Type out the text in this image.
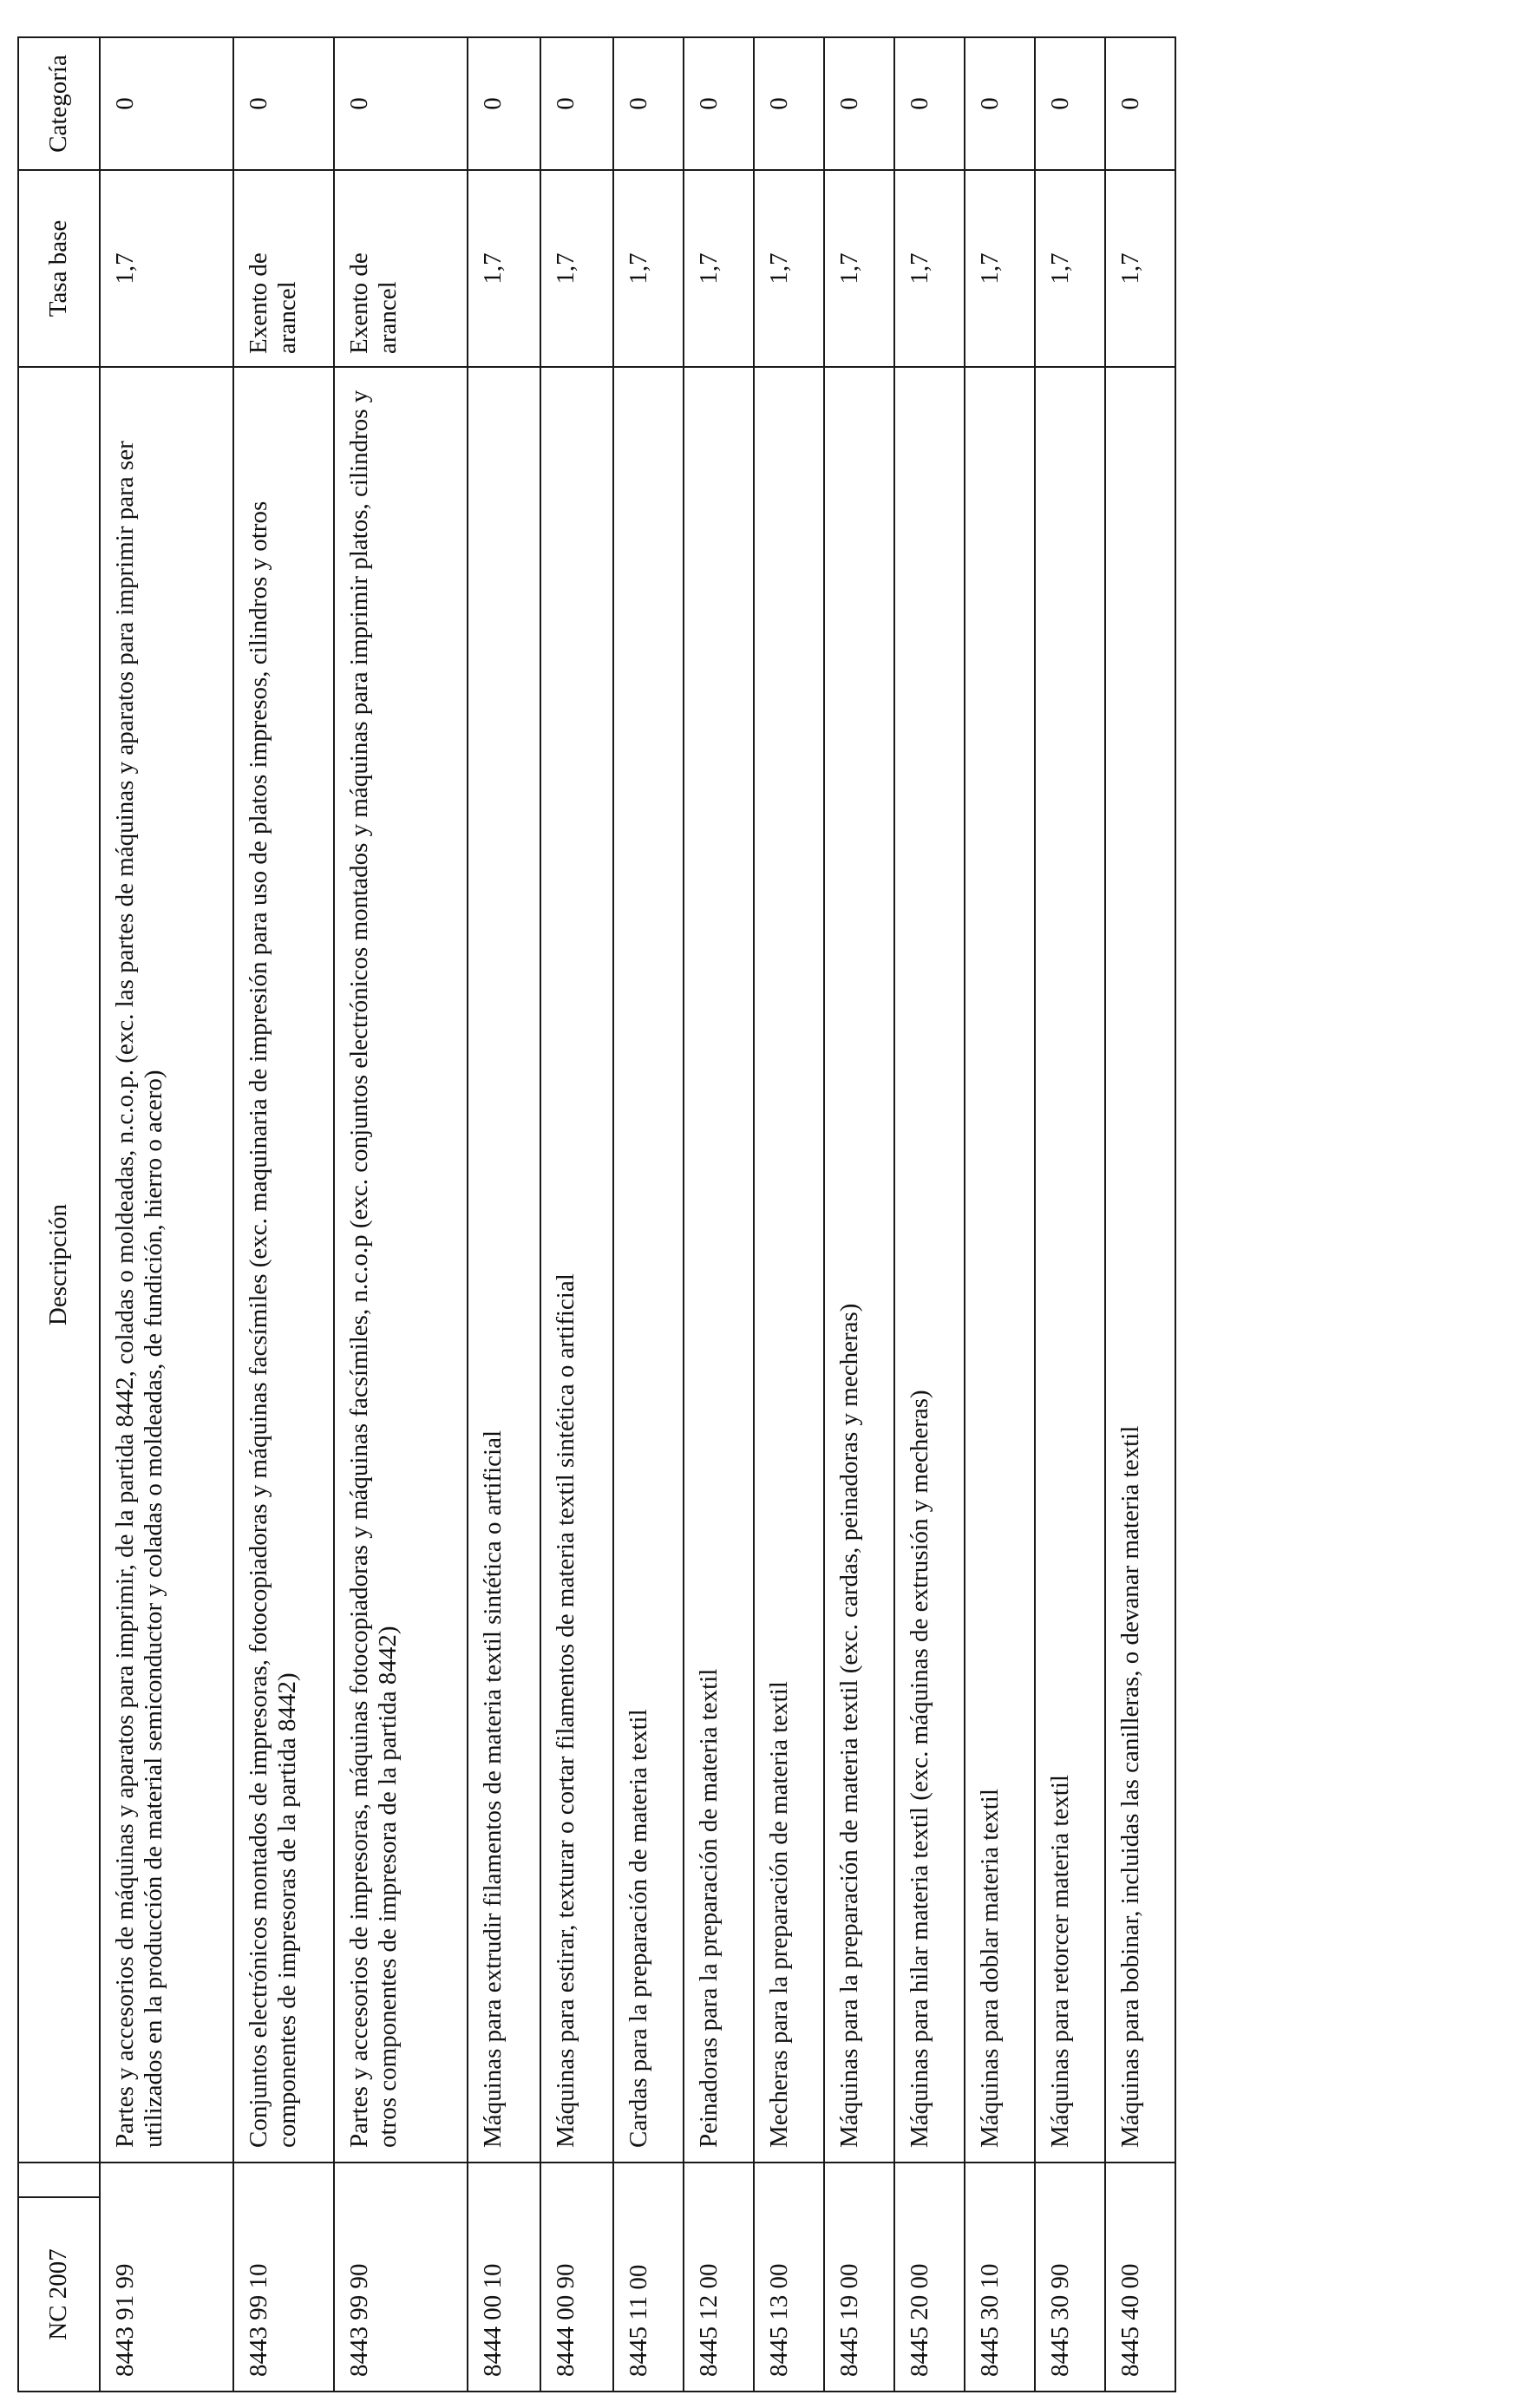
NC 2007		Descripción	Tasa base	Categoría
8443 91 99		Partes y accesorios de máquinas y aparatos para imprimir, de la partida 8442, coladas o moldeadas, n.c.o.p. (exc. las partes de máquinas y aparatos para imprimir para ser utilizados en la producción de material semiconductor y coladas o moldeadas, de fundición, hierro o acero)	1,7	0
8443 99 10		Conjuntos electrónicos montados de impresoras, fotocopiadoras y máquinas facsímiles (exc. maquinaria de impresión para uso de platos impresos, cilindros y otros componentes de impresoras de la partida 8442)	Exento de arancel	0
8443 99 90		Partes y accesorios de impresoras, máquinas fotocopiadoras y máquinas facsímiles, n.c.o.p (exc. conjuntos electrónicos montados y máquinas para imprimir platos, cilindros y otros componentes de impresora de la partida 8442)	Exento de arancel	0
8444 00 10		Máquinas para extrudir filamentos de materia textil sintética o artificial	1,7	0
8444 00 90		Máquinas para estirar, texturar o cortar filamentos de materia textil sintética o artificial	1,7	0
8445 11 00		Cardas para la preparación de materia textil	1,7	0
8445 12 00		Peinadoras para la preparación de materia textil	1,7	0
8445 13 00		Mecheras para la preparación de materia textil	1,7	0
8445 19 00		Máquinas para la preparación de materia textil (exc. cardas, peinadoras y mecheras)	1,7	0
8445 20 00		Máquinas para hilar materia textil (exc. máquinas de extrusión y mecheras)	1,7	0
8445 30 10		Máquinas para doblar materia textil	1,7	0
8445 30 90		Máquinas para retorcer materia textil	1,7	0
8445 40 00		Máquinas para bobinar, incluidas las canilleras, o devanar materia textil	1,7	0
